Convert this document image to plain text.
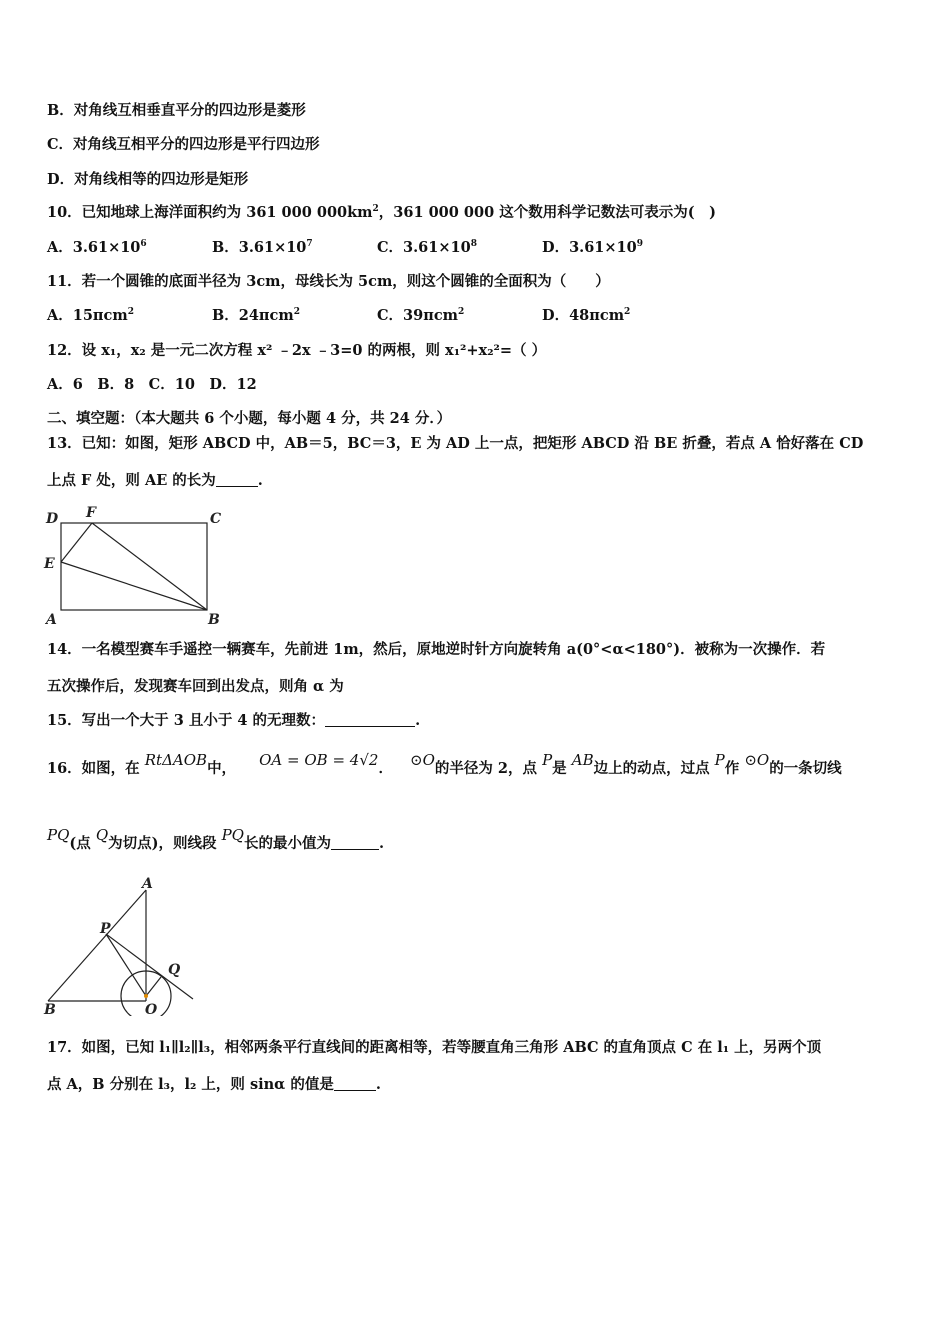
B．对角线互相垂直平分的四边形是菱形
C．对角线互相平分的四边形是平行四边形
D．对角线相等的四边形是矩形
10．已知地球上海洋面积约为 361 000 $000km^2$，361 000 000 这个数用科学记数法可表示为(　)
A．$3.61\times 10^6$	B．$3.61\times 10^7$	C．$3.61\times 10^8$	D．$3.61\times 10^9$
11．若一个圆锥的底面半径为 3cm，母线长为 5cm，则这个圆锥的全面积为（　　）
A．15πcm$^2$	B．24πcm$^2$	C．39πcm$^2$	D．48πcm$^2$
12．设 x₁，x₂ 是一元二次方程 x² ﹣2x ﹣3=0 的两根，则 x₁²+x₂²=（ ）
A．6　B．8　C．10　D．12
二、填空题：（本大题共 6 个小题，每小题 4 分，共 24 分．）
13．已知：如图，矩形 ABCD 中，AB＝5，BC＝3，E 为 AD 上一点，把矩形 ABCD 沿 BE 折叠，若点 A 恰好落在 CD
上点 F 处，则 AE 的长为	.
D F	C
E
A	B
14．一名模型赛车手遥控一辆赛车，先前进 1m，然后，原地逆时针方向旋转角 a(0°<α<180°)．被称为一次操作．若
五次操作后，发现赛车回到出发点，则角 α 为
15．写出一个大于 3 且小于 4 的无理数：	.
16．如图，在 RtΔAOB中， OA = OB = 4√2． ⊙O的半径为 2，点 P是 AB边上的动点，过点 P作 ⊙O的一条切线
PQ(点 Q为切点)，则线段 PQ长的最小值为	.
A
P
Q
B	O
17．如图，已知 l₁∥l₂∥l₃，相邻两条平行直线间的距离相等，若等腰直角三角形 ABC 的直角顶点 C 在 l₁ 上，另两个顶
点 A，B 分别在 l₃，l₂ 上，则 sinα 的值是	.
